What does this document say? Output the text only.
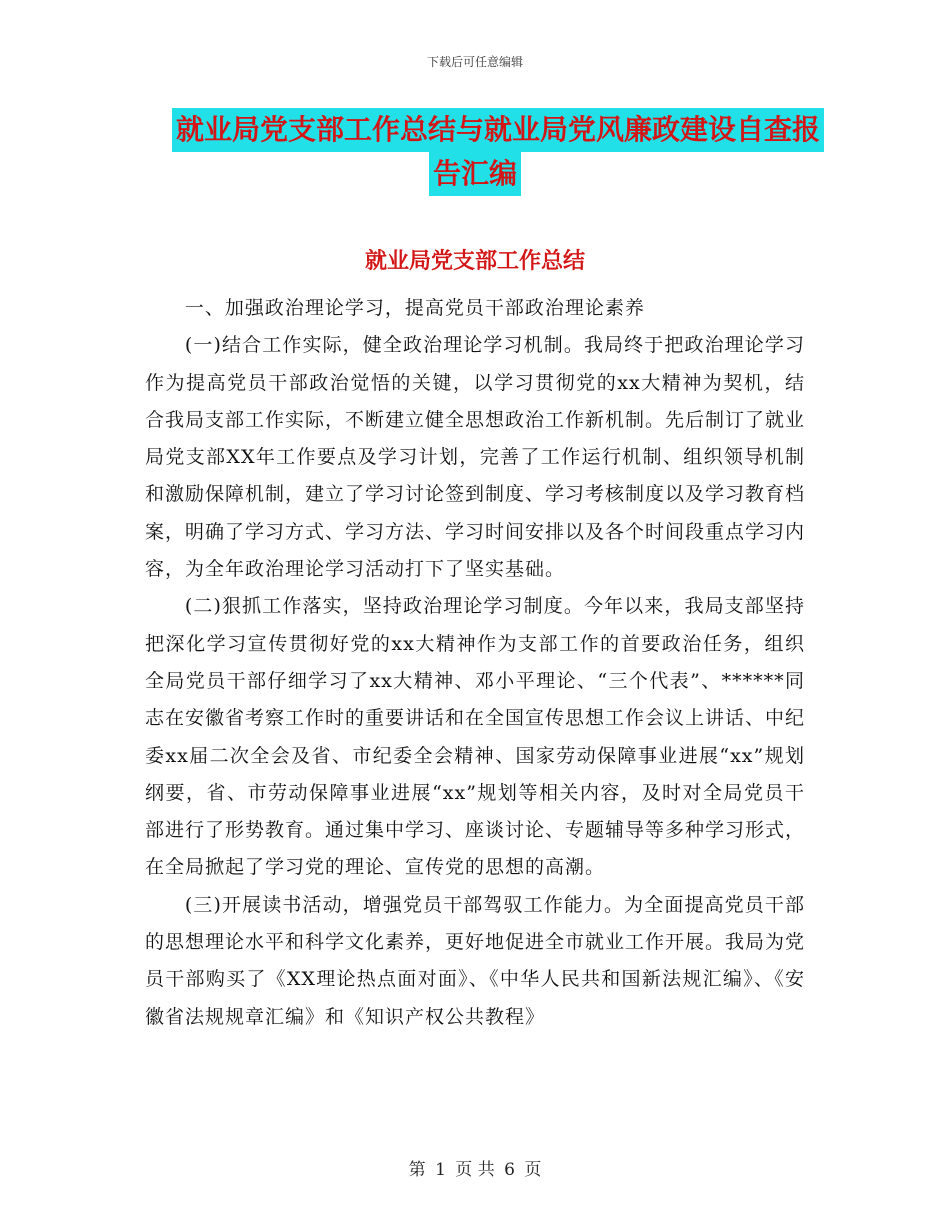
下载后可任意编辑
就业局党支部工作总结与就业局党风廉政建设自查报
告汇编
就业局党支部工作总结

一、加强政治理论学习，提高党员干部政治理论素养

(一)结合工作实际，健全政治理论学习机制。我局终于把政治理论学习作为提高党员干部政治觉悟的关键，以学习贯彻党的xx大精神为契机，结合我局支部工作实际，不断建立健全思想政治工作新机制。先后制订了就业局党支部XX年工作要点及学习计划，完善了工作运行机制、组织领导机制和激励保障机制，建立了学习讨论签到制度、学习考核制度以及学习教育档案，明确了学习方式、学习方法、学习时间安排以及各个时间段重点学习内容，为全年政治理论学习活动打下了坚实基础。

(二)狠抓工作落实，坚持政治理论学习制度。今年以来，我局支部坚持把深化学习宣传贯彻好党的xx大精神作为支部工作的首要政治任务，组织全局党员干部仔细学习了xx大精神、邓小平理论、“三个代表”、******同志在安徽省考察工作时的重要讲话和在全国宣传思想工作会议上讲话、中纪委xx届二次全会及省、市纪委全会精神、国家劳动保障事业进展“xx”规划纲要，省、市劳动保障事业进展“xx”规划等相关内容，及时对全局党员干部进行了形势教育。通过集中学习、座谈讨论、专题辅导等多种学习形式，在全局掀起了学习党的理论、宣传党的思想的高潮。

(三)开展读书活动，增强党员干部驾驭工作能力。为全面提高党员干部的思想理论水平和科学文化素养，更好地促进全市就业工作开展。我局为党员干部购买了《XX理论热点面对面》、《中华人民共和国新法规汇编》、《安徽省法规规章汇编》和《知识产权公共教程》

第 1 页 共 6 页
